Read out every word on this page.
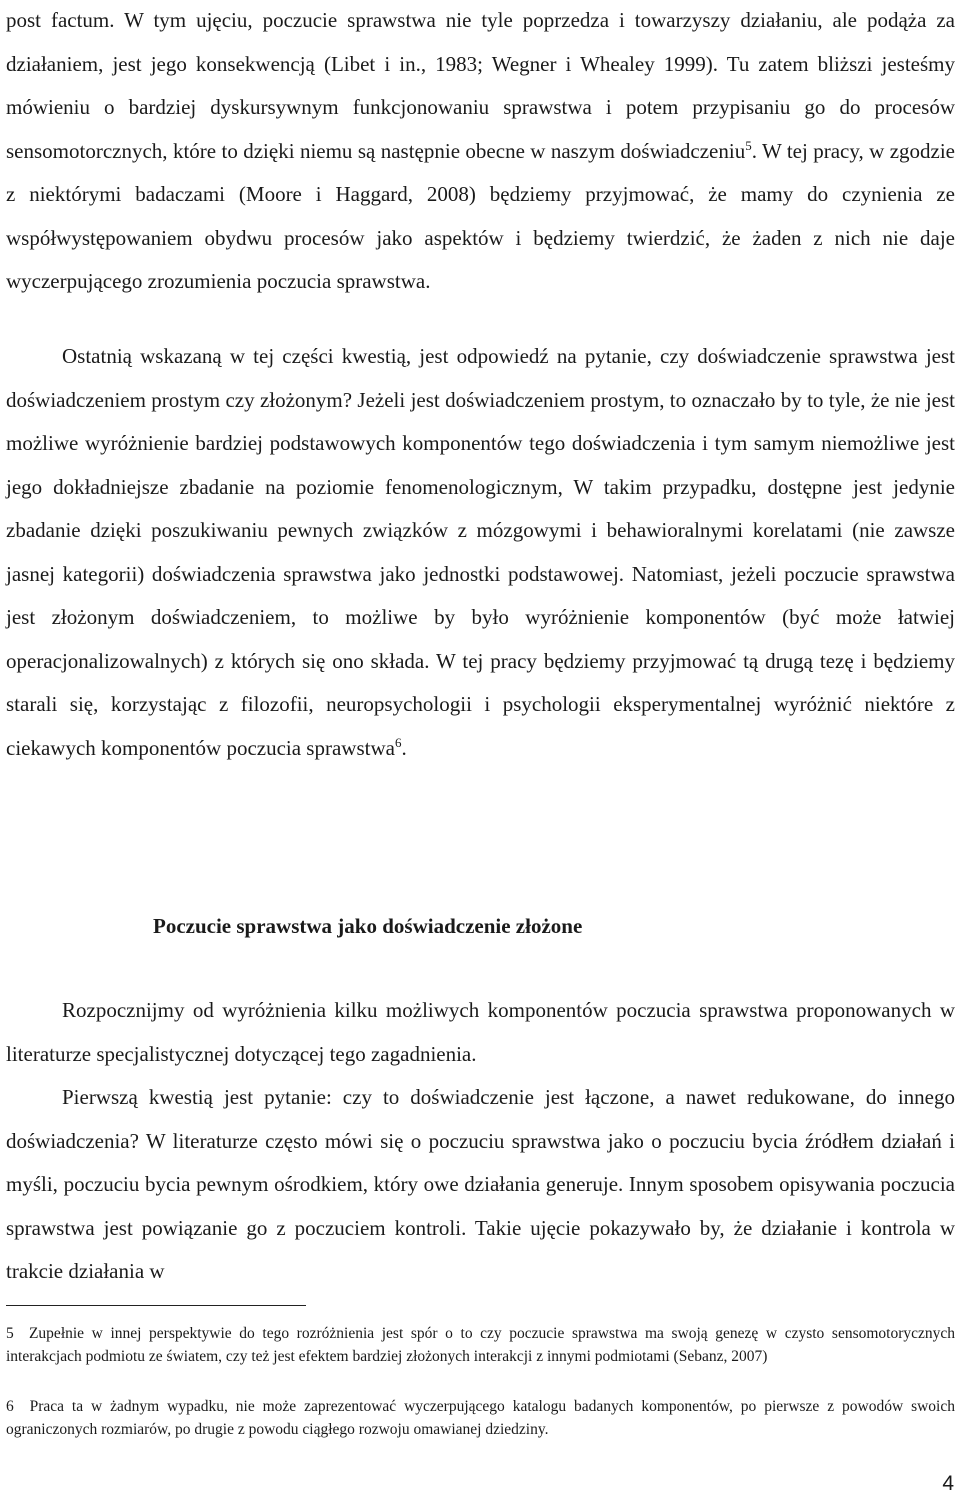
post factum. W tym ujęciu, poczucie sprawstwa nie tyle poprzedza i towarzyszy działaniu, ale podąża za działaniem, jest jego konsekwencją (Libet i in., 1983; Wegner i Whealey 1999). Tu zatem bliższi jesteśmy mówieniu o bardziej dyskursywnym funkcjonowaniu sprawstwa i potem przypisaniu go do procesów sensomotorcznych, które to dzięki niemu są następnie obecne w naszym doświadczeniu$^5$. W tej pracy, w zgodzie z niektórymi badaczami (Moore i Haggard, 2008) będziemy przyjmować, że mamy do czynienia ze współwystępowaniem obydwu procesów jako aspektów i będziemy twierdzić, że żaden z nich nie daje wyczerpującego zrozumienia poczucia sprawstwa.

Ostatnią wskazaną w tej części kwestią, jest odpowiedź na pytanie, czy doświadczenie sprawstwa jest doświadczeniem prostym czy złożonym? Jeżeli jest doświadczeniem prostym, to oznaczało by to tyle, że nie jest możliwe wyróżnienie bardziej podstawowych komponentów tego doświadczenia i tym samym niemożliwe jest jego dokładniejsze zbadanie na poziomie fenomenologicznym, W takim przypadku, dostępne jest jedynie zbadanie dzięki poszukiwaniu pewnych związków z mózgowymi i behawioralnymi korelatami (nie zawsze jasnej kategorii) doświadczenia sprawstwa jako jednostki podstawowej. Natomiast, jeżeli poczucie sprawstwa jest złożonym doświadczeniem, to możliwe by było wyróżnienie komponentów (być może łatwiej operacjonalizowalnych) z których się ono składa. W tej pracy będziemy przyjmować tą drugą tezę i będziemy starali się, korzystając z filozofii, neuropsychologii i psychologii eksperymentalnej wyróżnić niektóre z ciekawych komponentów poczucia sprawstwa$^6$.

Poczucie sprawstwa jako doświadczenie złożone

Rozpocznijmy od wyróżnienia kilku możliwych komponentów poczucia sprawstwa proponowanych w literaturze specjalistycznej dotyczącej tego zagadnienia.

Pierwszą kwestią jest pytanie: czy to doświadczenie jest łączone, a nawet redukowane, do innego doświadczenia? W literaturze często mówi się o poczuciu sprawstwa jako o poczuciu bycia źródłem działań i myśli, poczuciu bycia pewnym ośrodkiem, który owe działania generuje. Innym sposobem opisywania poczucia sprawstwa jest powiązanie go z poczuciem kontroli. Takie ujęcie pokazywało by, że działanie i kontrola w trakcie działania w

5 Zupełnie w innej perspektywie do tego rozróżnienia jest spór o to czy poczucie sprawstwa ma swoją genezę w czysto sensomotorycznych interakcjach podmiotu ze światem, czy też jest efektem bardziej złożonych interakcji z innymi podmiotami (Sebanz, 2007)

6 Praca ta w żadnym wypadku, nie może zaprezentować wyczerpującego katalogu badanych komponentów, po pierwsze z powodów swoich ograniczonych rozmiarów, po drugie z powodu ciągłego rozwoju omawianej dziedziny.

4
